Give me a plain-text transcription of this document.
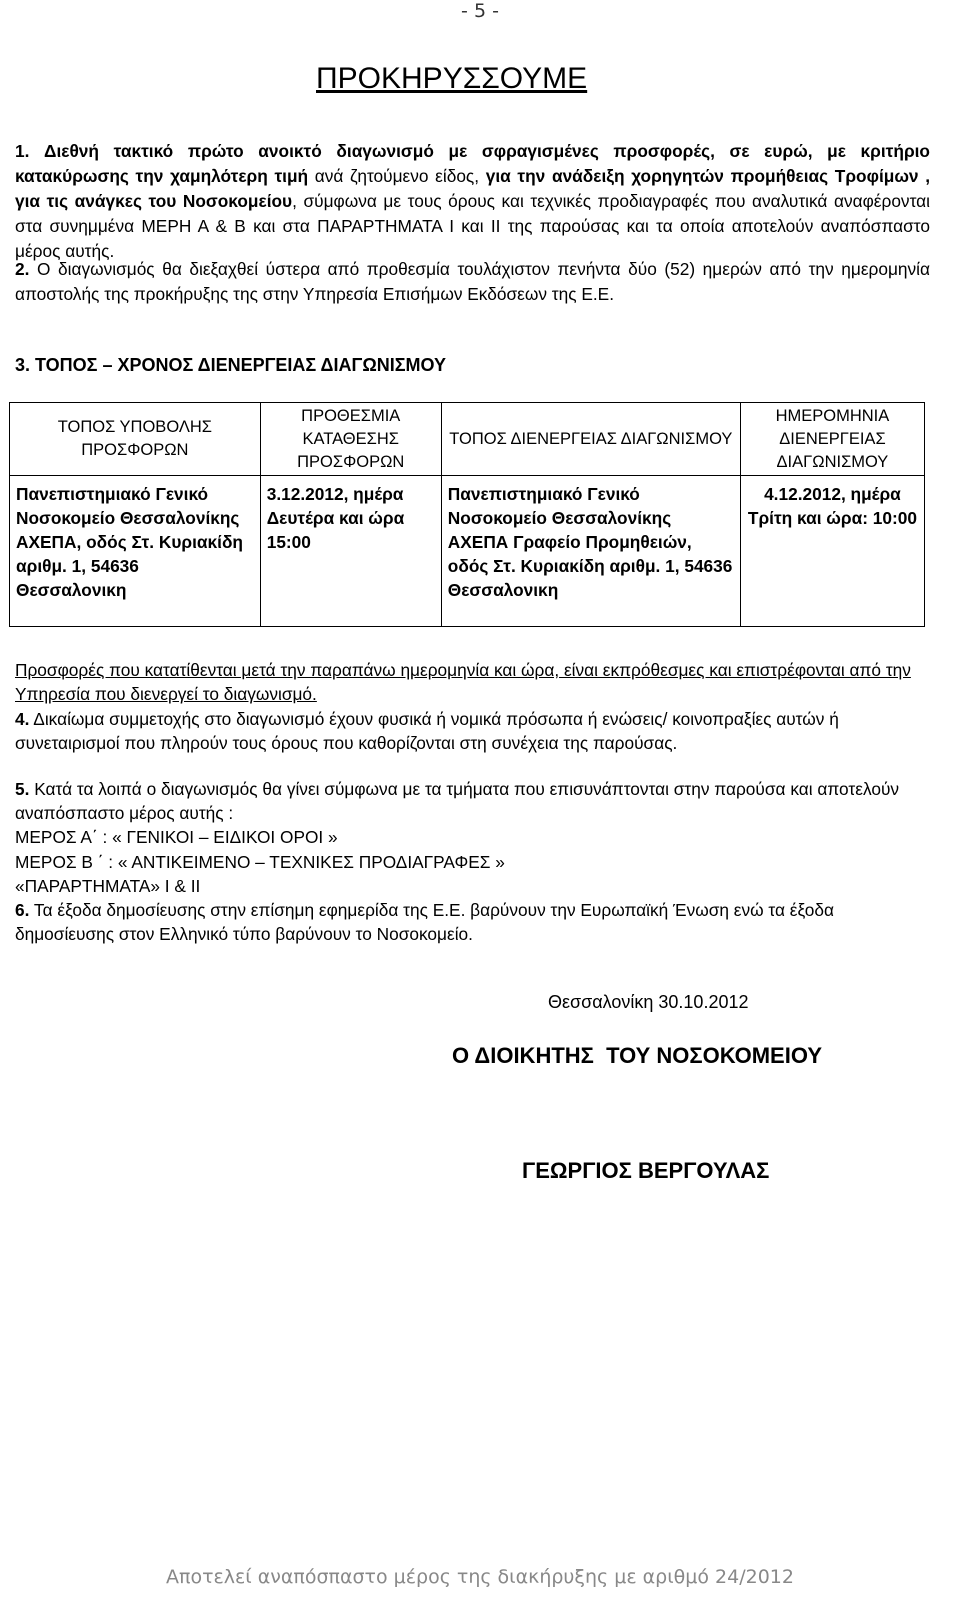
- 5 -
ΠΡΟΚΗΡΥΣΣΟΥΜΕ
1. Διεθνή τακτικό πρώτο ανοικτό διαγωνισμό με σφραγισμένες προσφορές, σε ευρώ, με κριτήριο κατακύρωσης την χαμηλότερη τιμή ανά ζητούμενο είδος, για την ανάδειξη χορηγητών προμήθειας Τροφίμων , για τις ανάγκες του Νοσοκομείου, σύμφωνα με τους όρους και τεχνικές προδιαγραφές που αναλυτικά αναφέρονται στα συνημμένα ΜΕΡΗ Α & Β και στα ΠΑΡΑΡΤΗΜΑΤΑ Ι και ΙΙ της παρούσας και τα οποία αποτελούν αναπόσπαστο μέρος αυτής.
2. Ο διαγωνισμός θα διεξαχθεί ύστερα από προθεσμία τουλάχιστον πενήντα δύο (52) ημερών από την ημερομηνία αποστολής της προκήρυξης της στην Υπηρεσία Επισήμων Εκδόσεων της Ε.Ε.
3. ΤΟΠΟΣ – ΧΡΟΝΟΣ ΔΙΕΝΕΡΓΕΙΑΣ ΔΙΑΓΩΝΙΣΜΟΥ
ΤΟΠΟΣ ΥΠΟΒΟΛΗΣ ΠΡΟΣΦΟΡΩΝ	ΠΡΟΘΕΣΜΙΑ ΚΑΤΑΘΕΣΗΣ ΠΡΟΣΦΟΡΩΝ	ΤΟΠΟΣ ΔΙΕΝΕΡΓΕΙΑΣ ΔΙΑΓΩΝΙΣΜΟΥ	ΗΜΕΡΟΜΗΝΙΑ ΔΙΕΝΕΡΓΕΙΑΣ ΔΙΑΓΩΝΙΣΜΟΥ

Πανεπιστημιακό Γενικό Νοσοκομείο Θεσσαλονίκης ΑΧΕΠΑ, οδός Στ. Κυριακίδη αριθμ. 1, 54636 Θεσσαλονικη	3.12.2012, ημέρα Δευτέρα και ώρα 15:00	Πανεπιστημιακό Γενικό Νοσοκομείο Θεσσαλονίκης ΑΧΕΠΑ Γραφείο Προμηθειών, οδός Στ. Κυριακίδη αριθμ. 1, 54636 Θεσσαλονικη	4.12.2012, ημέρα Τρίτη και ώρα: 10:00
Προσφορές που κατατίθενται μετά την παραπάνω ημερομηνία και ώρα, είναι εκπρόθεσμες και επιστρέφονται από την Υπηρεσία που διενεργεί το διαγωνισμό.
4. Δικαίωμα συμμετοχής στο διαγωνισμό έχουν φυσικά ή νομικά πρόσωπα ή ενώσεις/ κοινοπραξίες αυτών ή συνεταιρισμοί που πληρούν τους όρους που καθορίζονται στη συνέχεια της παρούσας.
5. Κατά τα λοιπά ο διαγωνισμός θα γίνει σύμφωνα με τα τμήματα που επισυνάπτονται στην παρούσα και αποτελούν αναπόσπαστο μέρος αυτής :
ΜΕΡΟΣ Α΄ : « ΓΕΝΙΚΟΙ – ΕΙΔΙΚΟΙ ΟΡΟΙ »
ΜΕΡΟΣ Β ΄ : « ΑΝΤΙΚΕΙΜΕΝΟ – ΤΕΧΝΙΚΕΣ ΠΡΟΔΙΑΓΡΑΦΕΣ »
«ΠΑΡΑΡΤΗΜΑΤΑ» Ι & ΙΙ
6. Τα έξοδα δημοσίευσης στην επίσημη εφημερίδα της Ε.Ε. βαρύνουν την Ευρωπαϊκή Ένωση ενώ τα έξοδα δημοσίευσης στον Ελληνικό τύπο βαρύνουν το Νοσοκομείο.
Θεσσαλονίκη 30.10.2012
Ο ΔΙΟΙΚΗΤΗΣ  ΤΟΥ ΝΟΣΟΚΟΜΕΙΟΥ
ΓΕΩΡΓΙΟΣ ΒΕΡΓΟΥΛΑΣ
Αποτελεί αναπόσπαστο μέρος της διακήρυξης με αριθμό 24/2012
